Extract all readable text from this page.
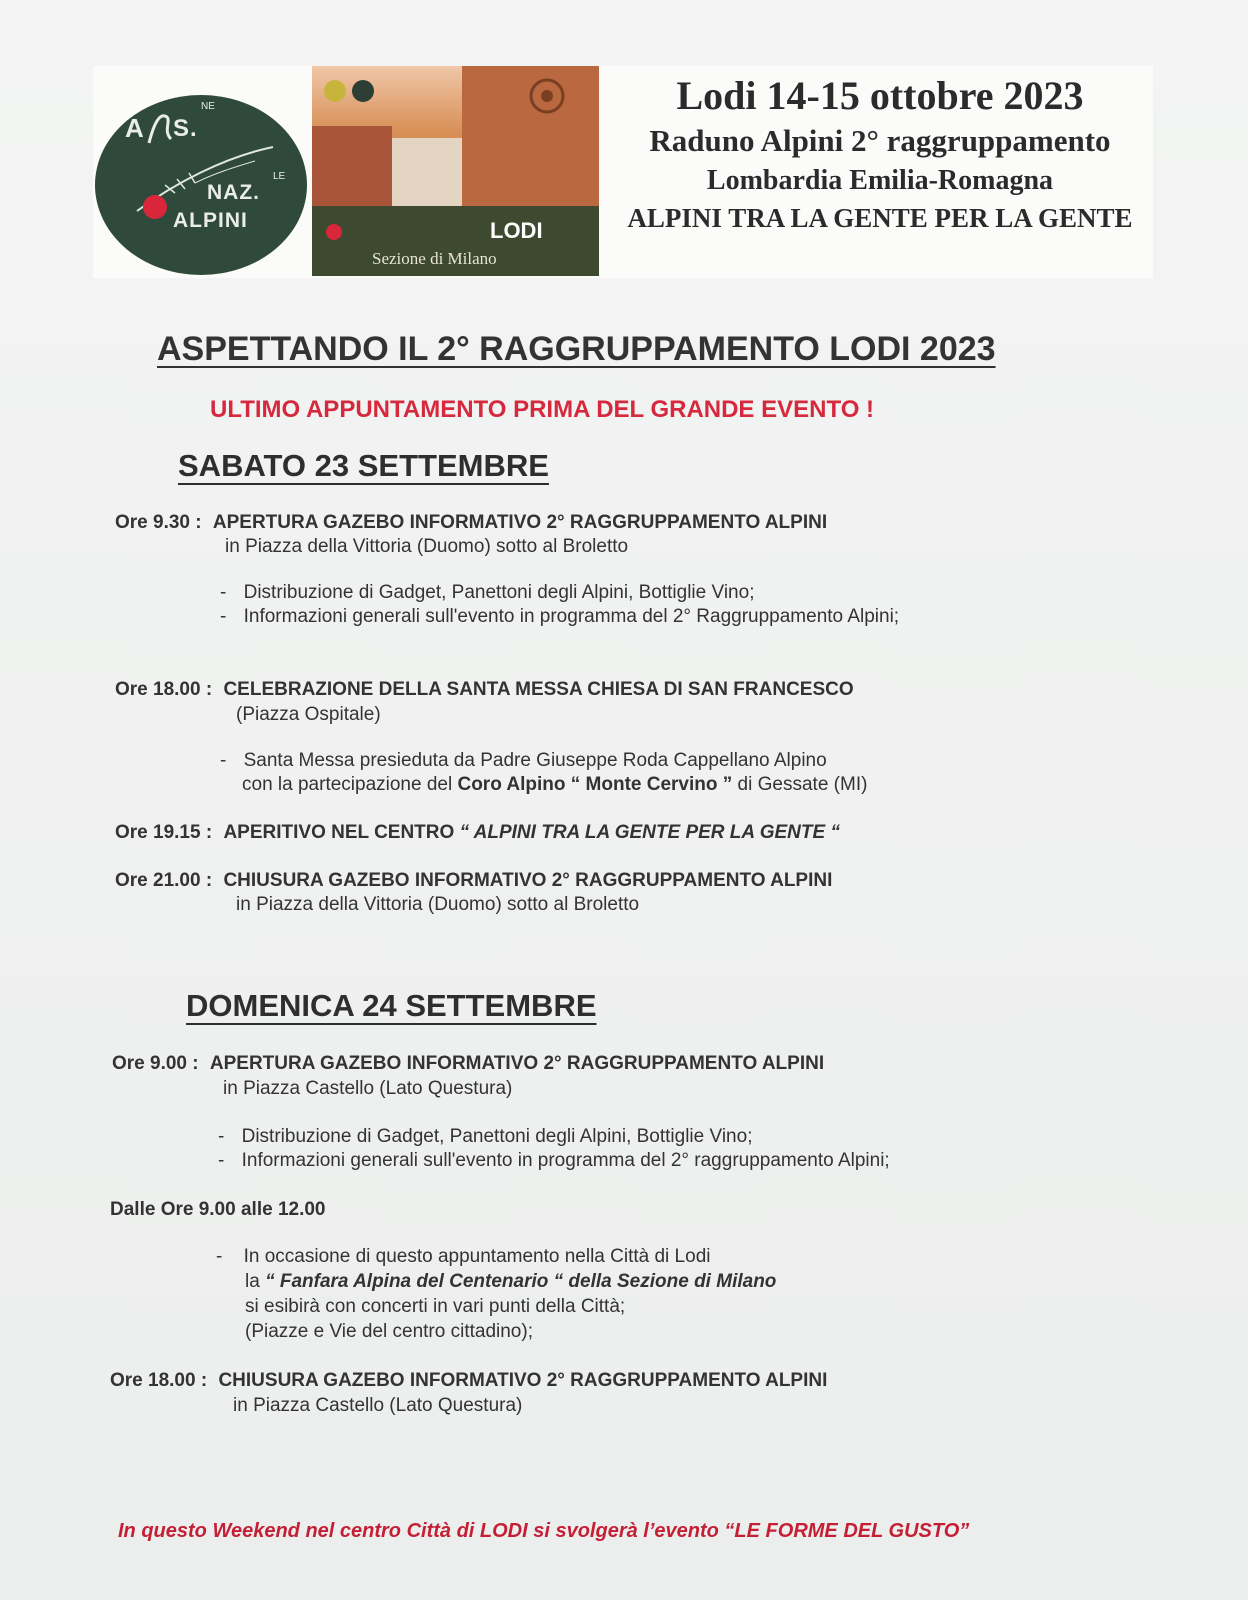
A S.
NE
NAZ.
LE
ALPINI	LODI
Sezione di Milano
Lodi 14-15 ottobre 2023
Raduno Alpini 2° raggruppamento
Lombardia Emilia-Romagna
ALPINI TRA LA GENTE PER LA GENTE
ASPETTANDO IL 2° RAGGRUPPAMENTO LODI 2023
ULTIMO APPUNTAMENTO PRIMA DEL GRANDE EVENTO !
SABATO 23 SETTEMBRE
Ore 9.30 : APERTURA GAZEBO INFORMATIVO 2° RAGGRUPPAMENTO ALPINI
in Piazza della Vittoria (Duomo) sotto al Broletto
- Distribuzione di Gadget, Panettoni degli Alpini, Bottiglie Vino;
- Informazioni generali sull'evento in programma del 2° Raggruppamento Alpini;
Ore 18.00 : CELEBRAZIONE DELLA SANTA MESSA CHIESA DI SAN FRANCESCO
(Piazza Ospitale)
- Santa Messa presieduta da Padre Giuseppe Roda Cappellano Alpino
con la partecipazione del Coro Alpino “ Monte Cervino ” di Gessate (MI)
Ore 19.15 : APERITIVO NEL CENTRO “ ALPINI TRA LA GENTE PER LA GENTE “
Ore 21.00 : CHIUSURA GAZEBO INFORMATIVO 2° RAGGRUPPAMENTO ALPINI
in Piazza della Vittoria (Duomo) sotto al Broletto
DOMENICA 24 SETTEMBRE
Ore 9.00 : APERTURA GAZEBO INFORMATIVO 2° RAGGRUPPAMENTO ALPINI
in Piazza Castello (Lato Questura)
- Distribuzione di Gadget, Panettoni degli Alpini, Bottiglie Vino;
- Informazioni generali sull'evento in programma del 2° raggruppamento Alpini;
Dalle Ore 9.00 alle 12.00
- In occasione di questo appuntamento nella Città di Lodi
la “ Fanfara Alpina del Centenario “ della Sezione di Milano
si esibirà con concerti in vari punti della Città;
(Piazze e Vie del centro cittadino);
Ore 18.00 : CHIUSURA GAZEBO INFORMATIVO 2° RAGGRUPPAMENTO ALPINI
in Piazza Castello (Lato Questura)
In questo Weekend nel centro Città di LODI si svolgerà l’evento “LE FORME DEL GUSTO”
